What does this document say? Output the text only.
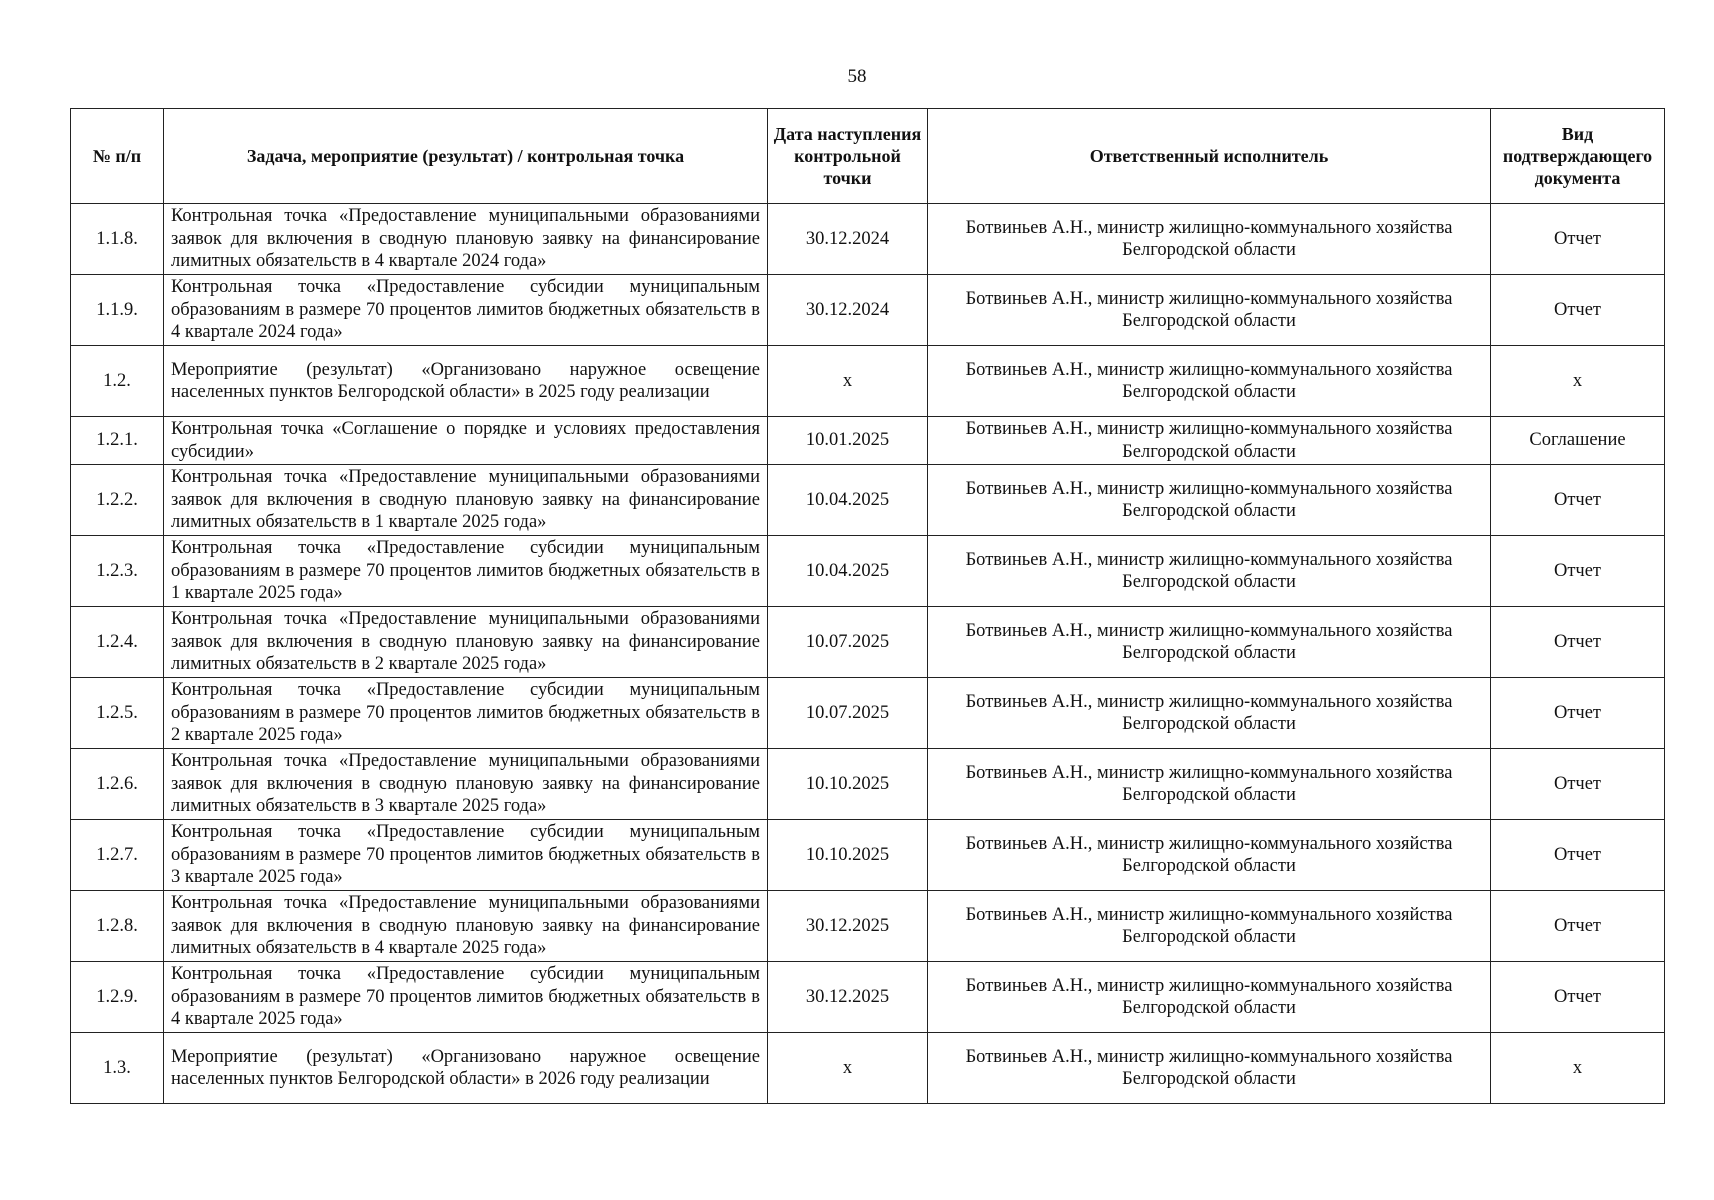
58
№ п/п	Задача, мероприятие (результат) / контрольная точка	Дата наступления контрольной точки	Ответственный исполнитель	Вид подтверждающего документа
1.1.8.	Контрольная точка «Предоставление муниципальными образованиями заявок для включения в сводную плановую заявку на финансирование лимитных обязательств в 4 квартале 2024 года»	30.12.2024	Ботвиньев А.Н., министр жилищно-коммунального хозяйства Белгородской области	Отчет
1.1.9.	Контрольная точка «Предоставление субсидии муниципальным образованиям в размере 70 процентов лимитов бюджетных обязательств в 4 квартале 2024 года»	30.12.2024	Ботвиньев А.Н., министр жилищно-коммунального хозяйства Белгородской области	Отчет
1.2.	Мероприятие (результат) «Организовано наружное освещение населенных пунктов Белгородской области» в 2025 году реализации	х	Ботвиньев А.Н., министр жилищно-коммунального хозяйства Белгородской области	х
1.2.1.	Контрольная точка «Соглашение о порядке и условиях предоставления субсидии»	10.01.2025	Ботвиньев А.Н., министр жилищно-коммунального хозяйства Белгородской области	Соглашение
1.2.2.	Контрольная точка «Предоставление муниципальными образованиями заявок для включения в сводную плановую заявку на финансирование лимитных обязательств в 1 квартале 2025 года»	10.04.2025	Ботвиньев А.Н., министр жилищно-коммунального хозяйства Белгородской области	Отчет
1.2.3.	Контрольная точка «Предоставление субсидии муниципальным образованиям в размере 70 процентов лимитов бюджетных обязательств в 1 квартале 2025 года»	10.04.2025	Ботвиньев А.Н., министр жилищно-коммунального хозяйства Белгородской области	Отчет
1.2.4.	Контрольная точка «Предоставление муниципальными образованиями заявок для включения в сводную плановую заявку на финансирование лимитных обязательств в 2 квартале 2025 года»	10.07.2025	Ботвиньев А.Н., министр жилищно-коммунального хозяйства Белгородской области	Отчет
1.2.5.	Контрольная точка «Предоставление субсидии муниципальным образованиям в размере 70 процентов лимитов бюджетных обязательств в 2 квартале 2025 года»	10.07.2025	Ботвиньев А.Н., министр жилищно-коммунального хозяйства Белгородской области	Отчет
1.2.6.	Контрольная точка «Предоставление муниципальными образованиями заявок для включения в сводную плановую заявку на финансирование лимитных обязательств в 3 квартале 2025 года»	10.10.2025	Ботвиньев А.Н., министр жилищно-коммунального хозяйства Белгородской области	Отчет
1.2.7.	Контрольная точка «Предоставление субсидии муниципальным образованиям в размере 70 процентов лимитов бюджетных обязательств в 3 квартале 2025 года»	10.10.2025	Ботвиньев А.Н., министр жилищно-коммунального хозяйства Белгородской области	Отчет
1.2.8.	Контрольная точка «Предоставление муниципальными образованиями заявок для включения в сводную плановую заявку на финансирование лимитных обязательств в 4 квартале 2025 года»	30.12.2025	Ботвиньев А.Н., министр жилищно-коммунального хозяйства Белгородской области	Отчет
1.2.9.	Контрольная точка «Предоставление субсидии муниципальным образованиям в размере 70 процентов лимитов бюджетных обязательств в 4 квартале 2025 года»	30.12.2025	Ботвиньев А.Н., министр жилищно-коммунального хозяйства Белгородской области	Отчет
1.3.	Мероприятие (результат) «Организовано наружное освещение населенных пунктов Белгородской области» в 2026 году реализации	х	Ботвиньев А.Н., министр жилищно-коммунального хозяйства Белгородской области	х
